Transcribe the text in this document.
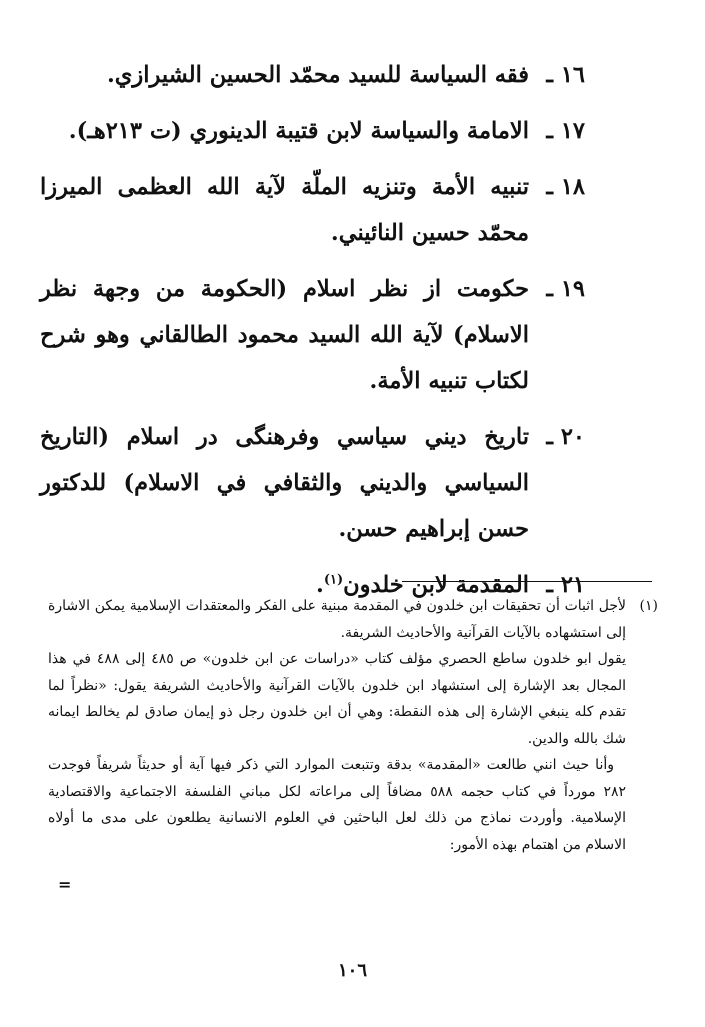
١٦ ـ
فقه السياسة للسيد محمّد الحسين الشيرازي.
١٧ ـ
الامامة والسياسة لابن قتيبة الدينوري (ت ٢١٣هـ).
١٨ ـ
تنبيه الأمة وتنزيه الملّة لآية الله العظمى الميرزا محمّد حسين النائيني.
١٩ ـ
حكومت از نظر اسلام (الحكومة من وجهة نظر الاسلام) لآية الله السيد محمود الطالقاني وهو شرح لكتاب تنبيه الأمة.
٢٠ ـ
تاريخ ديني سياسي وفرهنگى در اسلام (التاريخ السياسي والديني والثقافي في الاسلام) للدكتور حسن إبراهيم حسن.
٢١ ـ
المقدمة لابن خلدون$^{(١)}$.

(١)لأجل اثبات أن تحقيقات ابن خلدون في المقدمة مبنية على الفكر والمعتقدات الإسلامية يمكن الاشارة إلى استشهاده بالآيات القرآنية والأحاديث الشريفة.

يقول ابو خلدون ساطع الحصري مؤلف كتاب «دراسات عن ابن خلدون» ص ٤٨٥ إلى ٤٨٨ في هذا المجال بعد الإشارة إلى استشهاد ابن خلدون بالآيات القرآنية والأحاديث الشريفة يقول: «نظراً لما تقدم كله ينبغي الإشارة إلى هذه النقطة: وهي أن ابن خلدون رجل ذو إيمان صادق لم يخالط ايمانه شك بالله والدين.

وأنا حيث انني طالعت «المقدمة» بدقة وتتبعت الموارد التي ذكر فيها آية أو حديثاً شريفاً فوجدت ٢٨٢ مورداً في كتاب حجمه ٥٨٨ مضافاً إلى مراعاته لكل مباني الفلسفة الاجتماعية والاقتصادية الإسلامية. وأوردت نماذج من ذلك لعل الباحثين في العلوم الانسانية يطلعون على مدى ما أولاه الاسلام من اهتمام بهذه الأمور:

=
١٠٦
